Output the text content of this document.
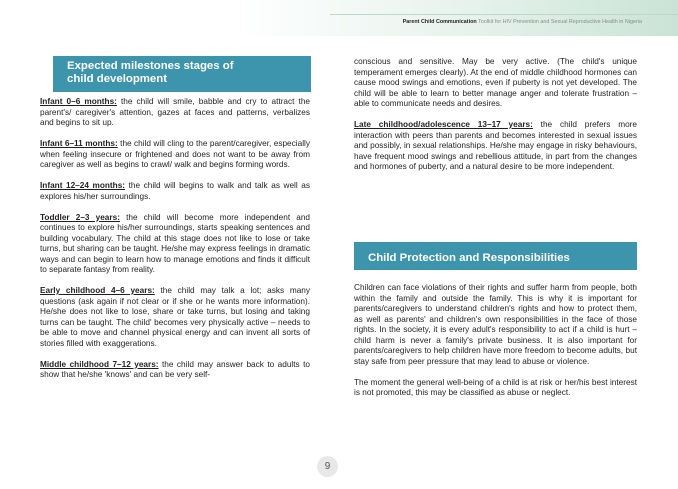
Parent Child Communication Toolkit for HIV Prevention and Sexual Reproductive Health in Nigeria
Expected milestones stages of
child development

Infant 0–6 months: the child will smile, babble and cry to attract the parent's/ caregiver's attention, gazes at faces and patterns, verbalizes and begins to sit up.

Infant 6–11 months: the child will cling to the parent/caregiver, especially when feeling insecure or frightened and does not want to be away from caregiver as well as begins to crawl/ walk and begins forming words.

Infant 12–24 months: the child will begins to walk and talk as well as explores his/her surroundings.

Toddler 2–3 years: the child will become more independent and continues to explore his/her surroundings, starts speaking sentences and building vocabulary. The child at this stage does not like to lose or take turns, but sharing can be taught. He/she may express feelings in dramatic ways and can begin to learn how to manage emotions and finds it difficult to separate fantasy from reality.

Early childhood 4–6 years: the child may talk a lot; asks many questions (ask again if not clear or if she or he wants more information). He/she does not like to lose, share or take turns, but losing and taking turns can be taught. The child' becomes very physically active – needs to be able to move and channel physical energy and can invent all sorts of stories filled with exaggerations.

Middle childhood 7–12 years: the child may answer back to adults to show that he/she 'knows' and can be very self-

conscious and sensitive. May be very active. (The child's unique temperament emerges clearly). At the end of middle childhood hormones can cause mood swings and emotions, even if puberty is not yet developed. The child will be able to learn to better manage anger and tolerate frustration – able to communicate needs and desires.

Late childhood/adolescence 13–17 years: the child prefers more interaction with peers than parents and becomes interested in sexual issues and possibly, in sexual relationships. He/she may engage in risky behaviours, have frequent mood swings and rebellious attitude, in part from the changes and hormones of puberty, and a natural desire to be more independent.

Child Protection and Responsibilities

Children can face violations of their rights and suffer harm from people, both within the family and outside the family. This is why it is important for parents/caregivers to understand children's rights and how to protect them, as well as parents' and children's own responsibilities in the face of those rights. In the society, it is every adult's responsibility to act if a child is hurt – child harm is never a family's private business. It is also important for parents/caregivers to help children have more freedom to become adults, but stay safe from peer pressure that may lead to abuse or violence.

The moment the general well-being of a child is at risk or her/his best interest is not promoted, this may be classified as abuse or neglect.

9
